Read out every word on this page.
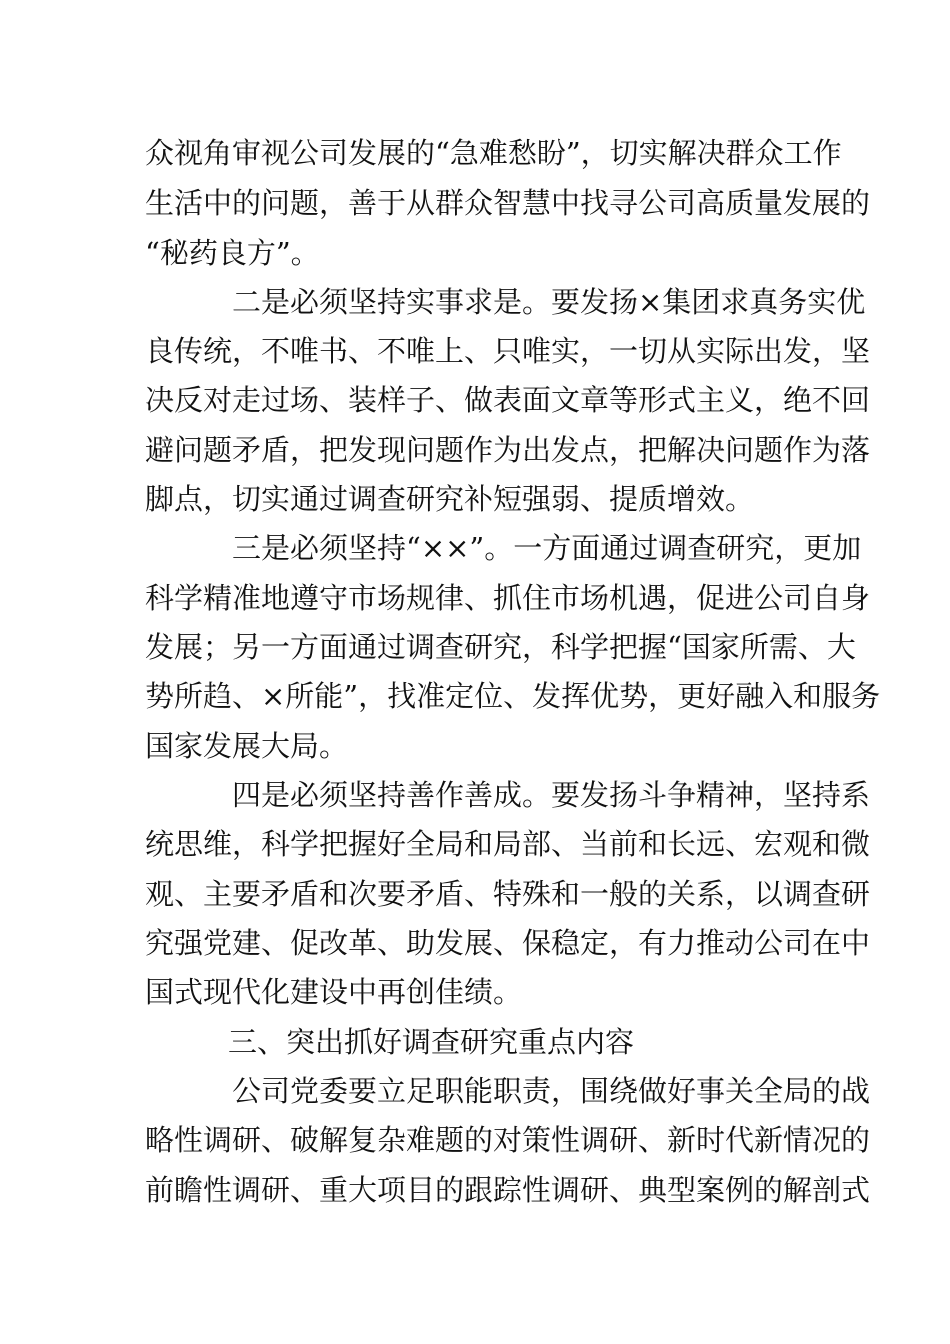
众视角审视公司发展的“急难愁盼”，切实解决群众工作
生活中的问题，善于从群众智慧中找寻公司高质量发展的
“秘药良方”。
二是必须坚持实事求是。要发扬×集团求真务实优
良传统，不唯书、不唯上、只唯实，一切从实际出发，坚
决反对走过场、装样子、做表面文章等形式主义，绝不回
避问题矛盾，把发现问题作为出发点，把解决问题作为落
脚点，切实通过调查研究补短强弱、提质增效。
三是必须坚持“××”。一方面通过调查研究，更加
科学精准地遵守市场规律、抓住市场机遇，促进公司自身
发展；另一方面通过调查研究，科学把握“国家所需、大
势所趋、×所能”，找准定位、发挥优势，更好融入和服务
国家发展大局。
四是必须坚持善作善成。要发扬斗争精神，坚持系
统思维，科学把握好全局和局部、当前和长远、宏观和微
观、主要矛盾和次要矛盾、特殊和一般的关系，以调查研
究强党建、促改革、助发展、保稳定，有力推动公司在中
国式现代化建设中再创佳绩。
三、突出抓好调查研究重点内容
公司党委要立足职能职责，围绕做好事关全局的战
略性调研、破解复杂难题的对策性调研、新时代新情况的
前瞻性调研、重大项目的跟踪性调研、典型案例的解剖式
